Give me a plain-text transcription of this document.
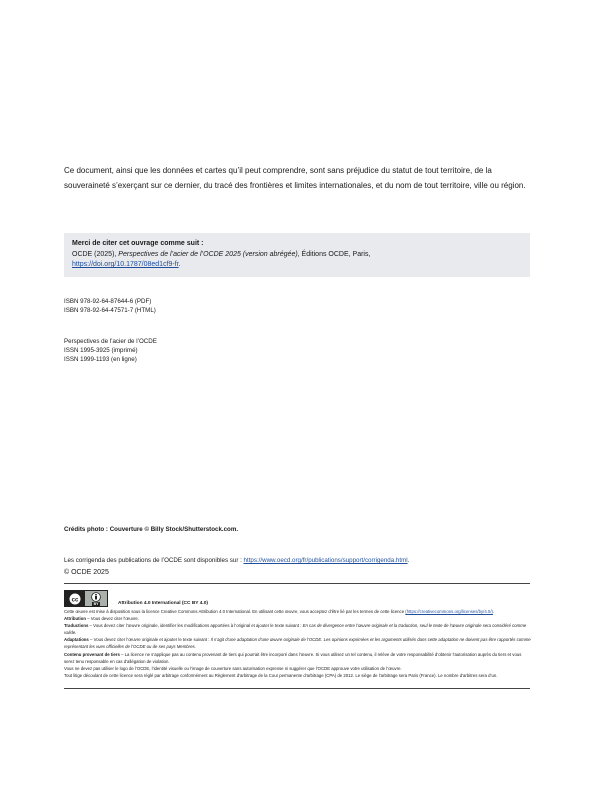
Ce document, ainsi que les données et cartes qu’il peut comprendre, sont sans préjudice du statut de tout territoire, de la souveraineté s’exerçant sur ce dernier, du tracé des frontières et limites internationales, et du nom de tout territoire, ville ou région.
Merci de citer cet ouvrage comme suit :
OCDE (2025), Perspectives de l’acier de l’OCDE 2025 (version abrégée), Éditions OCDE, Paris,
https://doi.org/10.1787/08ed1cf9-fr.
ISBN 978-92-64-87644-6 (PDF)
ISBN 978-92-64-47571-7 (HTML)
Perspectives de l’acier de l’OCDE
ISSN 1995-3925 (imprimé)
ISSN 1999-1193 (en ligne)
Crédits photo : Couverture © Billy Stock/Shutterstock.com.
Les corrigenda des publications de l’OCDE sont disponibles sur : https://www.oecd.org/fr/publications/support/corrigenda.html.
© OCDE 2025
cc
BY	Attribution 4.0 International (CC BY 4.0)

Cette œuvre est mise à disposition sous la licence Creative Commons Attribution 4.0 International. En utilisant cette œuvre, vous acceptez d’être lié par les termes de cette licence (https://creativecommons.org/licenses/by/4.0/).

Attribution – Vous devez citer l’œuvre.

Traductions – Vous devez citer l’œuvre originale, identifier les modifications apportées à l’original et ajouter le texte suivant : En cas de divergence entre l’œuvre originale et la traduction, seul le texte de l’œuvre originale sera considéré comme valide.

Adaptations – Vous devez citer l’œuvre originale et ajouter le texte suivant : Il s’agit d’une adaptation d’une œuvre originale de l’OCDE. Les opinions exprimées et les arguments utilisés dans cette adaptation ne doivent pas être rapportés comme représentant les vues officielles de l’OCDE ou de ses pays Membres.

Contenu provenant de tiers – La licence ne s’applique pas au contenu provenant de tiers qui pourrait être incorporé dans l’œuvre. Si vous utilisez un tel contenu, il relève de votre responsabilité d’obtenir l’autorisation auprès du tiers et vous serez tenu responsable en cas d’allégation de violation.

Vous ne devez pas utiliser le logo de l’OCDE, l’identité visuelle ou l’image de couverture sans autorisation expresse ni suggérer que l’OCDE approuve votre utilisation de l’œuvre.

Tout litige découlant de cette licence sera réglé par arbitrage conformément au Règlement d’arbitrage de la Cour permanente d’arbitrage (CPA) de 2012. Le siège de l’arbitrage sera Paris (France). Le nombre d’arbitres sera d’un.
